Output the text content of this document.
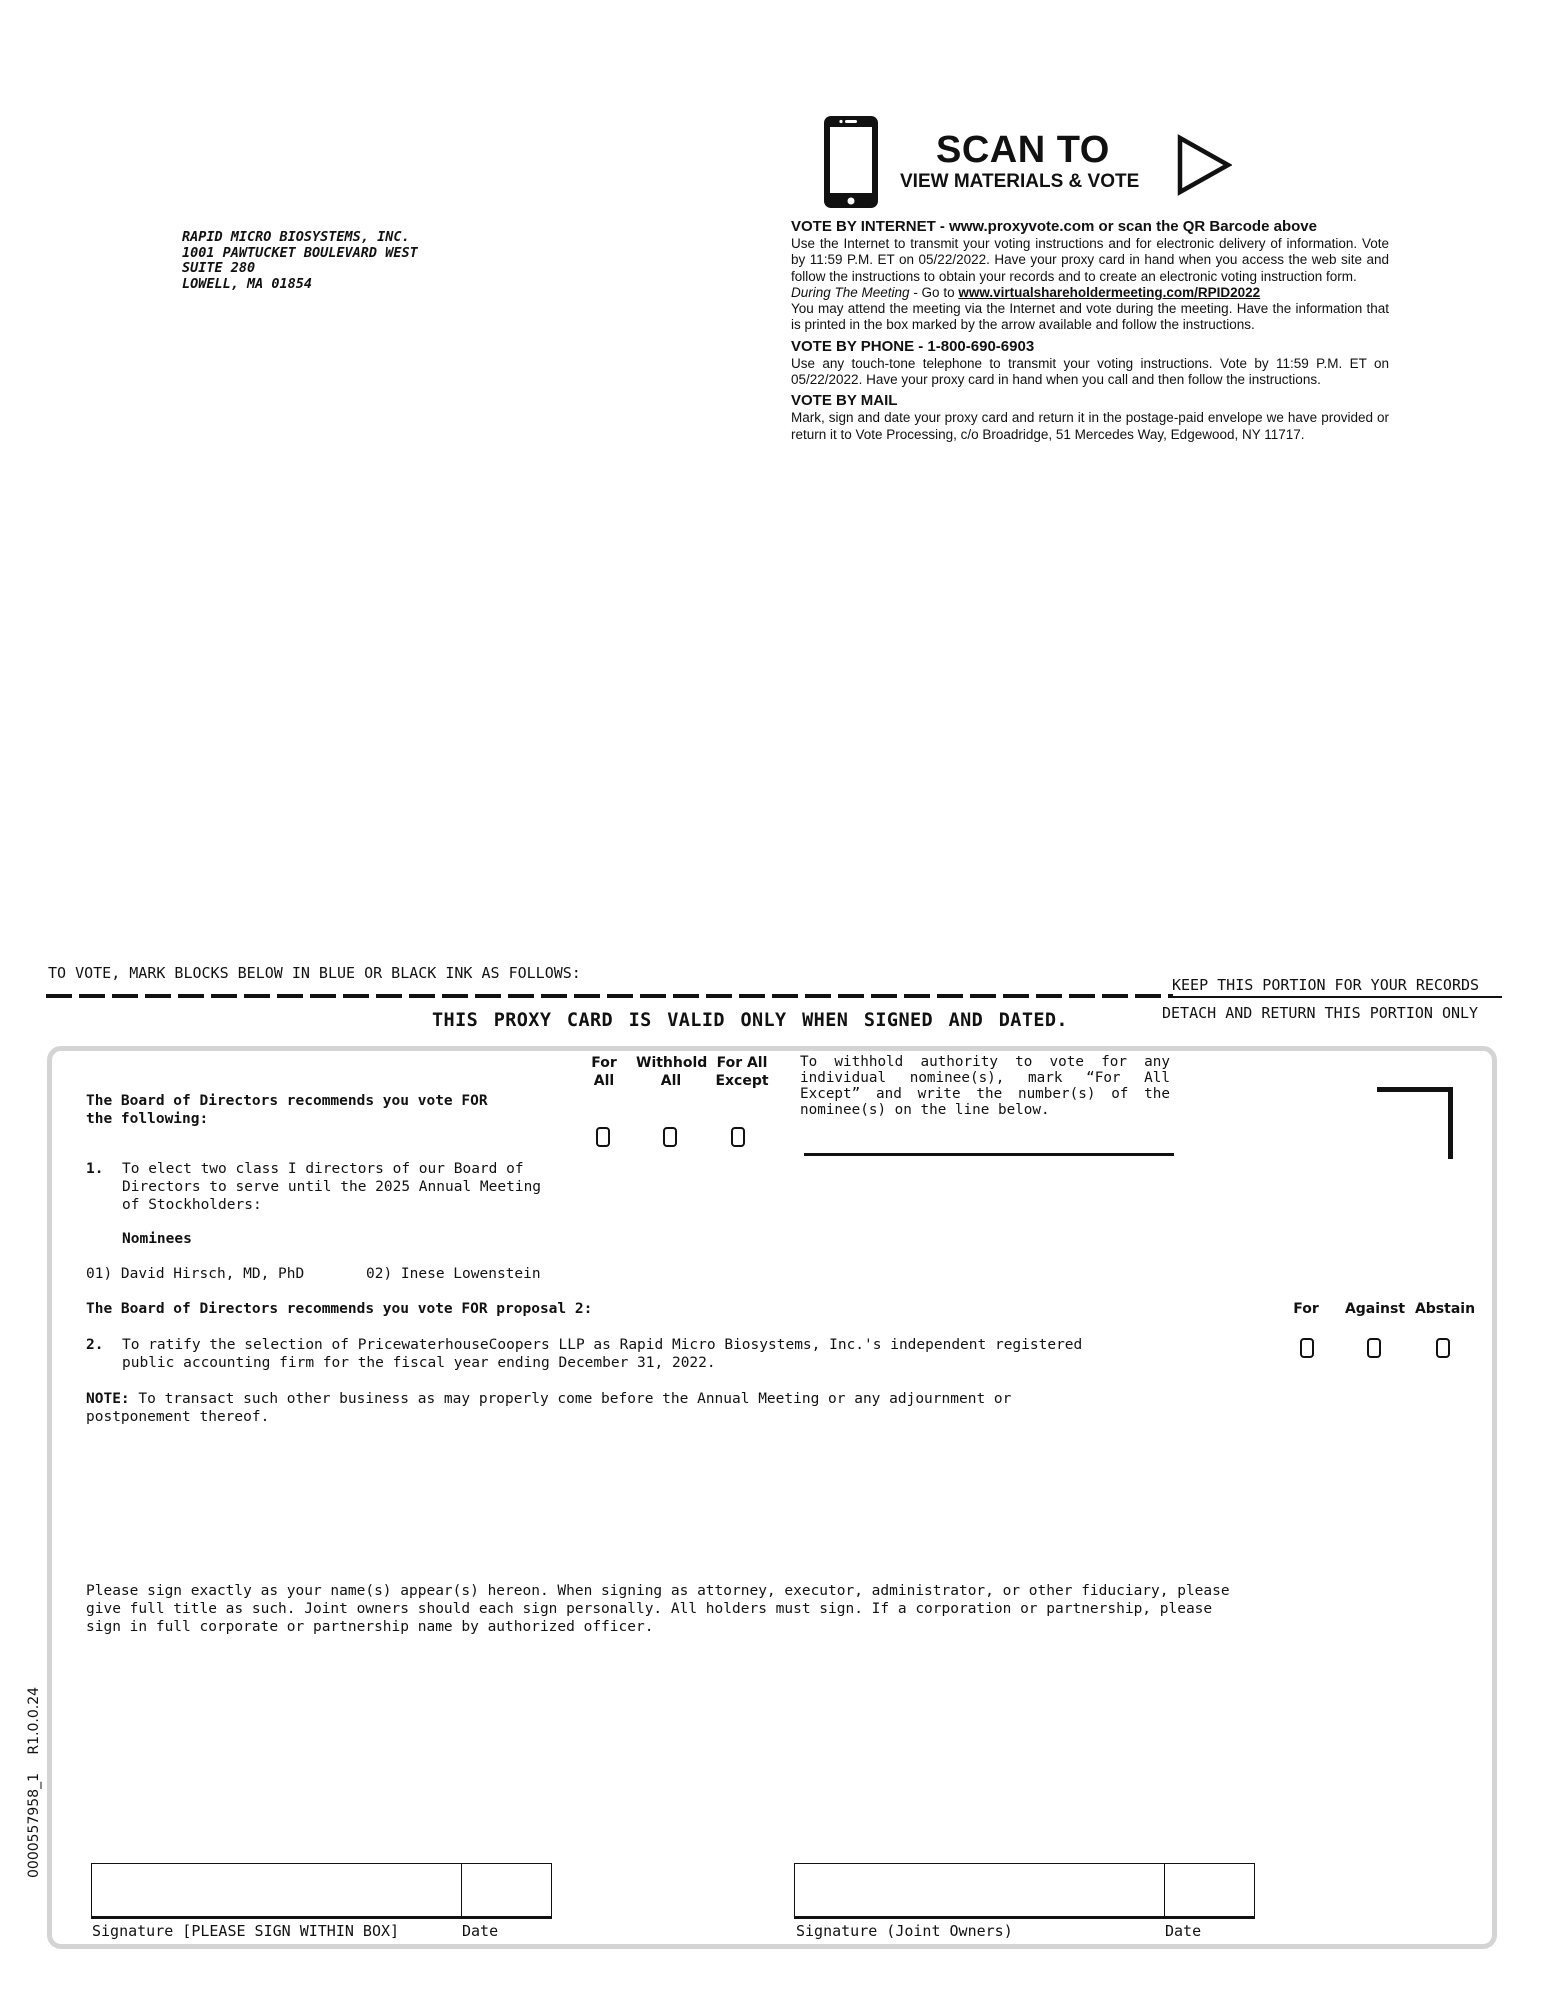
RAPID MICRO BIOSYSTEMS, INC.
1001 PAWTUCKET BOULEVARD WEST
SUITE 280
LOWELL, MA 01854
SCAN TO
VIEW MATERIALS & VOTE
VOTE BY INTERNET - www.proxyvote.com or scan the QR Barcode above
Use the Internet to transmit your voting instructions and for electronic delivery of information. Vote by 11:59 P.M. ET on 05/22/2022. Have your proxy card in hand when you access the web site and follow the instructions to obtain your records and to create an electronic voting instruction form.
During The Meeting - Go to www.virtualshareholdermeeting.com/RPID2022
You may attend the meeting via the Internet and vote during the meeting. Have the information that is printed in the box marked by the arrow available and follow the instructions.
VOTE BY PHONE - 1-800-690-6903
Use any touch-tone telephone to transmit your voting instructions. Vote by 11:59 P.M. ET on 05/22/2022. Have your proxy card in hand when you call and then follow the instructions.
VOTE BY MAIL
Mark, sign and date your proxy card and return it in the postage-paid envelope we have provided or return it to Vote Processing, c/o Broadridge, 51 Mercedes Way, Edgewood, NY 11717.
TO VOTE, MARK BLOCKS BELOW IN BLUE OR BLACK INK AS FOLLOWS:
KEEP THIS PORTION FOR YOUR RECORDS
DETACH AND RETURN THIS PORTION ONLY
THIS PROXY CARD IS VALID ONLY WHEN SIGNED AND DATED.
The Board of Directors recommends you vote FOR the following:
For All
Withhold All
For All Except
To withhold authority to vote for any individual nominee(s), mark “For All Except” and write the number(s) of the nominee(s) on the line below.
1. To elect two class I directors of our Board of Directors to serve until the 2025 Annual Meeting of Stockholders:
Nominees
01) David Hirsch, MD, PhD	02) Inese Lowenstein
The Board of Directors recommends you vote FOR proposal 2:	For	Against Abstain
2. To ratify the selection of PricewaterhouseCoopers LLP as Rapid Micro Biosystems, Inc.'s independent registered public accounting firm for the fiscal year ending December 31, 2022.
NOTE: To transact such other business as may properly come before the Annual Meeting or any adjournment or postponement thereof.
Please sign exactly as your name(s) appear(s) hereon. When signing as attorney, executor, administrator, or other fiduciary, please give full title as such. Joint owners should each sign personally. All holders must sign. If a corporation or partnership, please sign in full corporate or partnership name by authorized officer.
Signature [PLEASE SIGN WITHIN BOX]	Date	Signature (Joint Owners)	Date
0000557958_1 R1.0.0.24
